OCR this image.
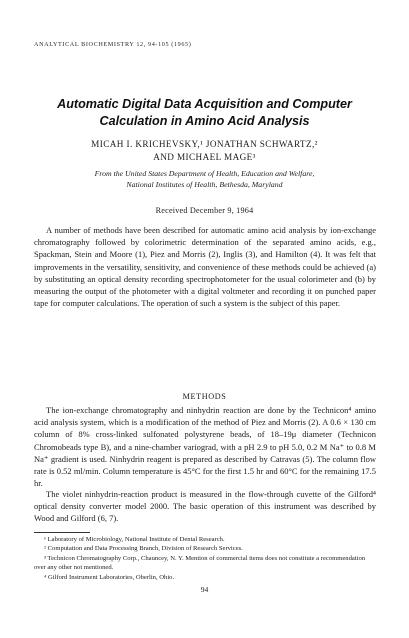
ANALYTICAL BIOCHEMISTRY 12, 94-105 (1965)
Automatic Digital Data Acquisition and Computer
Calculation in Amino Acid Analysis
MICAH I. KRICHEVSKY,¹ JONATHAN SCHWARTZ,²
AND MICHAEL MAGE³
From the United States Department of Health, Education and Welfare,
National Institutes of Health, Bethesda, Maryland
Received December 9, 1964

A number of methods have been described for automatic amino acid analysis by ion-exchange chromatography followed by colorimetric determination of the separated amino acids, e.g., Spackman, Stein and Moore (1), Piez and Morris (2), Inglis (3), and Hamilton (4). It was felt that improvements in the versatility, sensitivity, and convenience of these methods could be achieved (a) by substituting an optical density recording spectrophotometer for the usual colorimeter and (b) by measuring the output of the photometer with a digital voltmeter and recording it on punched paper tape for computer calculations. The operation of such a system is the subject of this paper.

METHODS

The ion-exchange chromatography and ninhydrin reaction are done by the Technicon⁴ amino acid analysis system, which is a modification of the method of Piez and Morris (2). A 0.6 × 130 cm column of 8% cross-linked sulfonated polystyrene beads, of 18–19μ diameter (Technicon Chromobeads type B), and a nine-chamber variograd, with a pH 2.9 to pH 5.0, 0.2 M Na⁺ to 0.8 M Na⁺ gradient is used. Ninhydrin reagent is prepared as described by Catravas (5). The column flow rate is 0.52 ml/min. Column temperature is 45°C for the first 1.5 hr and 60°C for the remaining 17.5 hr.

The violet ninhydrin-reaction product is measured in the flow-through cuvette of the Gilford⁴ optical density converter model 2000. The basic operation of this instrument was described by Wood and Gilford (6, 7).

¹ Laboratory of Microbiology, National Institute of Dental Research.
² Computation and Data Processing Branch, Division of Research Services.
³ Technicon Chromatography Corp., Chauncey, N. Y. Mention of commercial items does not constitute a recommendation over any other not mentioned.
⁴ Gilford Instrument Laboratories, Oberlin, Ohio.
94
